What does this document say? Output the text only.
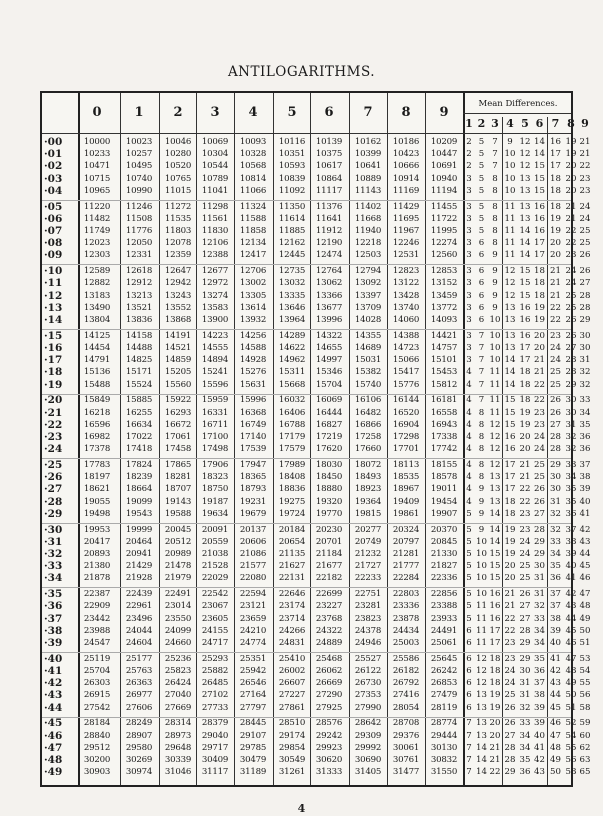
ANTILOGARITHMS.
Mean Differences.
0	1	2	3	4	5	6	7	8	9
1 2 3 4 5 6 7 8 9
·00	10000	10023	10046	10069	10093	10116	10139	10162	10186	10209	2 5 7	9 12 14 16 19 21
·01	10233	10257	10280	10304	10328	10351	10375	10399	10423	10447	2 5 7 10 12 14 17 19 21
·02	10471	10495	10520	10544	10568	10593	10617	10641	10666	10691	2 5 7 10 12 15 17 20 22
·03	10715	10740	10765	10789	10814	10839	10864	10889	10914	10940	3 5 8 10 13 15 18 20 23
·04	10965	10990	11015	11041	11066	11092	11117	11143	11169	11194	3 5 8 10 13 15 18 20 23
·05	11220	11246	11272	11298	11324	11350	11376	11402	11429	11455	3 5 8 11 13 16 18 21 24
·06	11482	11508	11535	11561	11588	11614	11641	11668	11695	11722	3 5 8 11 13 16 19 21 24
·07	11749	11776	11803	11830	11858	11885	11912	11940	11967	11995	3 5 8 11 14 16 19 22 25
·08	12023	12050	12078	12106	12134	12162	12190	12218	12246	12274	3 6 8 11 14 17 20 22 25
·09	12303	12331	12359	12388	12417	12445	12474	12503	12531	12560	3 6 9 11 14 17 20 23 26
·10	12589	12618	12647	12677	12706	12735	12764	12794	12823	12853	3 6 9 12 15 18 21 24 26
·11	12882	12912	12942	12972	13002	13032	13062	13092	13122	13152	3 6 9 12 15 18 21 24 27
·12	13183	13213	13243	13274	13305	13335	13366	13397	13428	13459	3 6 9 12 15 18 21 25 28
·13	13490	13521	13552	13583	13614	13646	13677	13709	13740	13772	3 6 9 13 16 19 22 25 28
·14	13804	13836	13868	13900	13932	13964	13996	14028	14060	14093	3 6 10 13 16 19 22 26 29
·15	14125	14158	14191	14223	14256	14289	14322	14355	14388	14421	3 7 10 13 16 20 23 26 30
·16	14454	14488	14521	14555	14588	14622	14655	14689	14723	14757	3 7 10 13 17 20 24 27 30
·17	14791	14825	14859	14894	14928	14962	14997	15031	15066	15101	3 7 10 14 17 21 24 28 31
·18	15136	15171	15205	15241	15276	15311	15346	15382	15417	15453	4 7 11 14 18 21 25 28 32
·19	15488	15524	15560	15596	15631	15668	15704	15740	15776	15812	4 7 11 14 18 22 25 29 32
·20	15849	15885	15922	15959	15996	16032	16069	16106	16144	16181	4 7 11 15 18 22 26 30 33
·21	16218	16255	16293	16331	16368	16406	16444	16482	16520	16558	4 8 11 15 19 23 26 30 34
·22	16596	16634	16672	16711	16749	16788	16827	16866	16904	16943	4 8 12 15 19 23 27 31 35
·23	16982	17022	17061	17100	17140	17179	17219	17258	17298	17338	4 8 12 16 20 24 28 32 36
·24	17378	17418	17458	17498	17539	17579	17620	17660	17701	17742	4 8 12 16 20 24 28 32 36
·25	17783	17824	17865	17906	17947	17989	18030	18072	18113	18155	4 8 12 17 21 25 29 33 37
·26	18197	18239	18281	18323	18365	18408	18450	18493	18535	18578	4 8 13 17 21 25 30 34 38
·27	18621	18664	18707	18750	18793	18836	18880	18923	18967	19011	4 9 13 17 22 26 30 35 39
·28	19055	19099	19143	19187	19231	19275	19320	19364	19409	19454	4 9 13 18 22 26 31 35 40
·29	19498	19543	19588	19634	19679	19724	19770	19815	19861	19907	5 9 14 18 23 27 32 36 41
·30	19953	19999	20045	20091	20137	20184	20230	20277	20324	20370	5 9 14 19 23 28 32 37 42
·31	20417	20464	20512	20559	20606	20654	20701	20749	20797	20845	5 10 14 19 24 29 33 38 43
·32	20893	20941	20989	21038	21086	21135	21184	21232	21281	21330	5 10 15 19 24 29 34 39 44
·33	21380	21429	21478	21528	21577	21627	21677	21727	21777	21827	5 10 15 20 25 30 35 40 45
·34	21878	21928	21979	22029	22080	22131	22182	22233	22284	22336	5 10 15 20 25 31 36 41 46
·35	22387	22439	22491	22542	22594	22646	22699	22751	22803	22856	5 10 16 21 26 31 37 42 47
·36	22909	22961	23014	23067	23121	23174	23227	23281	23336	23388	5 11 16 21 27 32 37 43 48
·37	23442	23496	23550	23605	23659	23714	23768	23823	23878	23933	5 11 16 22 27 33 38 44 49
·38	23988	24044	24099	24155	24210	24266	24322	24378	24434	24491	6 11 17 22 28 34 39 45 50
·39	24547	24604	24660	24717	24774	24831	24889	24946	25003	25061	6 11 17 23 29 34 40 46 51
·40	25119	25177	25236	25293	25351	25410	25468	25527	25586	25645	6 12 18 23 29 35 41 47 53
·41	25704	25763	25823	25882	25942	26002	26062	26122	26182	26242	6 12 18 24 30 36 42 48 54
·42	26303	26363	26424	26485	26546	26607	26669	26730	26792	26853	6 12 18 24 31 37 43 49 55
·43	26915	26977	27040	27102	27164	27227	27290	27353	27416	27479	6 13 19 25 31 38 44 50 56
·44	27542	27606	27669	27733	27797	27861	27925	27990	28054	28119	6 13 19 26 32 39 45 51 58
·45	28184	28249	28314	28379	28445	28510	28576	28642	28708	28774	7 13 20 26 33 39 46 52 59
·46	28840	28907	28973	29040	29107	29174	29242	29309	29376	29444	7 13 20 27 34 40 47 54 60
·47	29512	29580	29648	29717	29785	29854	29923	29992	30061	30130	7 14 21 28 34 41 48 55 62
·48	30200	30269	30339	30409	30479	30549	30620	30690	30761	30832	7 14 21 28 35 42 49 56 63
·49	30903	30974	31046	31117	31189	31261	31333	31405	31477	31550	7 14 22 29 36 43 50 58 65
4
